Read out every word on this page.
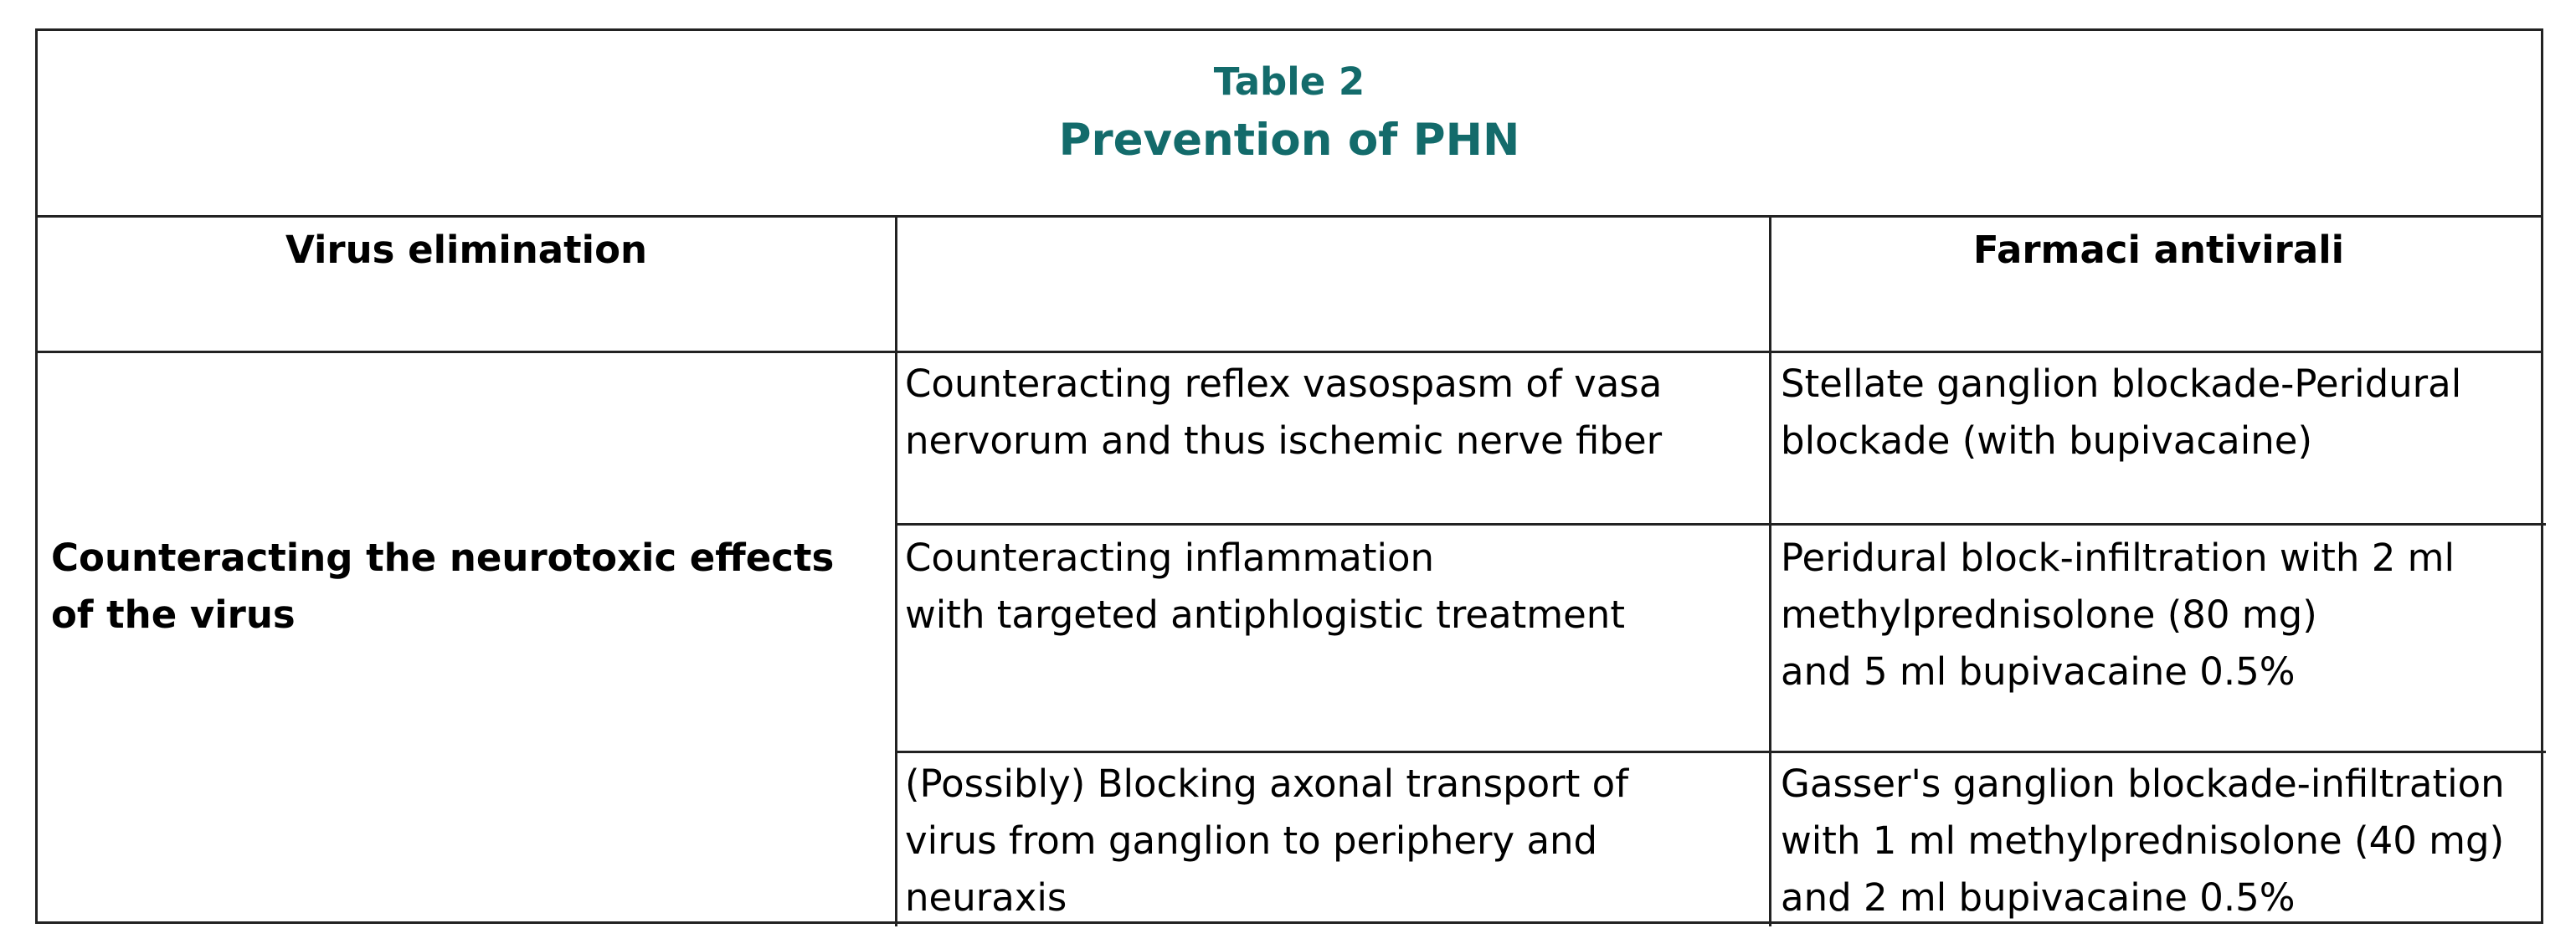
Table 2
Prevention of PHN
Virus elimination	Farmaci antivirali
Counteracting the neurotoxic effects of the virus
Counteracting reflex vasospasm of vasa
nervorum and thus ischemic nerve fiber
Stellate ganglion blockade-Peridural
blockade (with bupivacaine)
Counteracting inflammation
with targeted antiphlogistic treatment
Peridural block-infiltration with 2 ml
methylprednisolone (80 mg)
and 5 ml bupivacaine 0.5%
(Possibly) Blocking axonal transport of
virus from ganglion to periphery and
neuraxis
Gasser's ganglion blockade-infiltration
with 1 ml methylprednisolone (40 mg)
and 2 ml bupivacaine 0.5%
